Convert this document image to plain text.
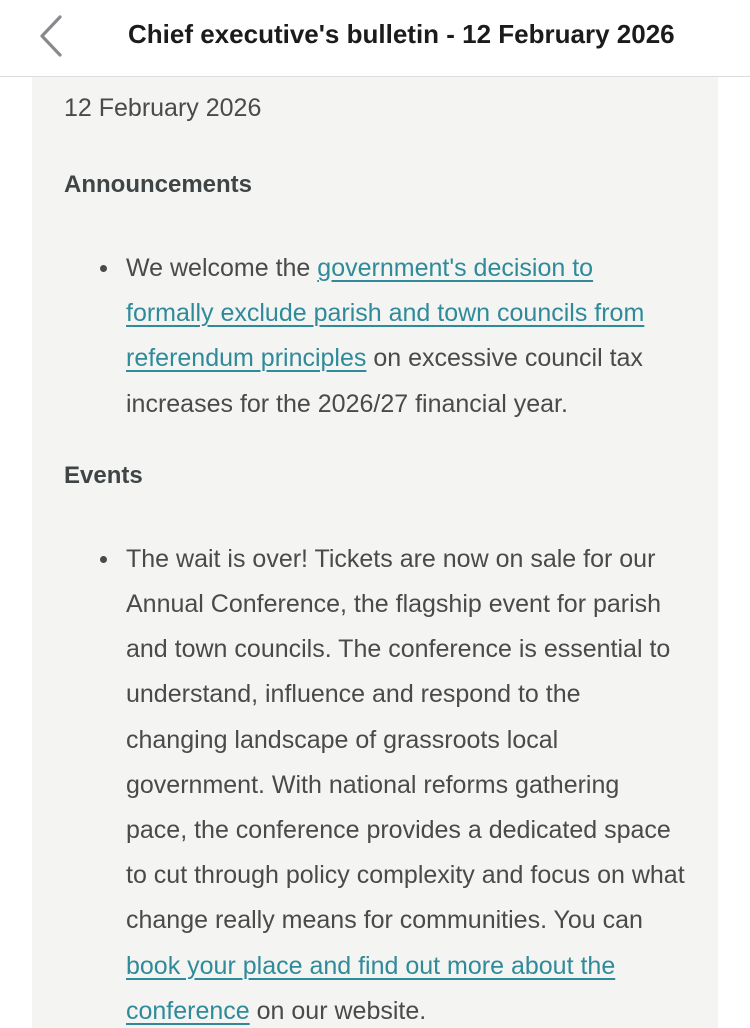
Chief executive's bulletin - 12 February 2026

12 February 2026

Announcements
We welcome the government's decision to formally exclude parish and town councils from referendum principles on excessive council tax increases for the 2026/27 financial year.
Events
The wait is over! Tickets are now on sale for our Annual Conference, the flagship event for parish and town councils. The conference is essential to understand, influence and respond to the changing landscape of grassroots local government. With national reforms gathering pace, the conference provides a dedicated space to cut through policy complexity and focus on what change really means for communities. You can book your place and find out more about the conference on our website.
